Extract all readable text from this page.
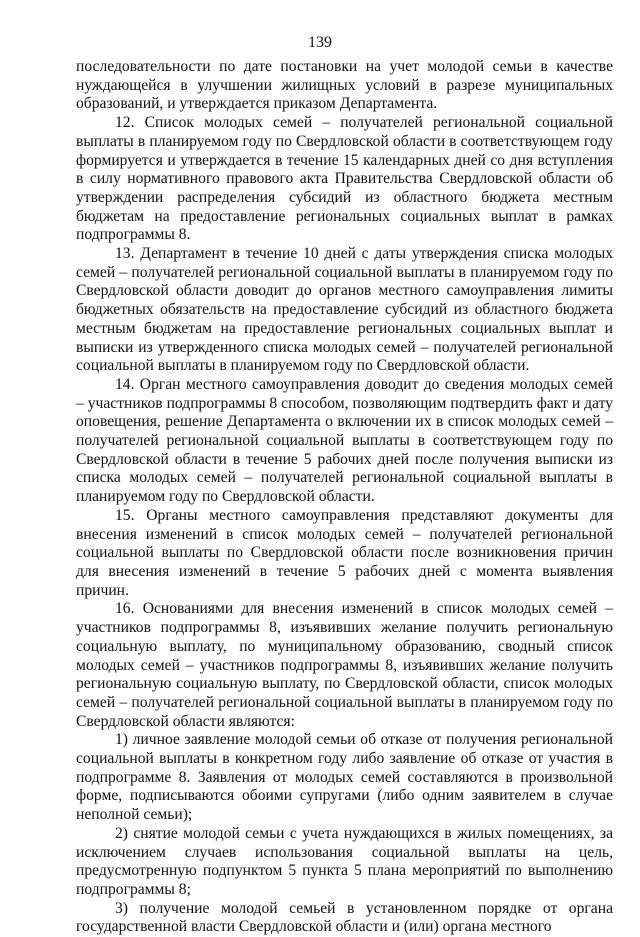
139

последовательности по дате постановки на учет молодой семьи в качестве нуждающейся в улучшении жилищных условий в разрезе муниципальных образований, и утверждается приказом Департамента.

12. Список молодых семей – получателей региональной социальной выплаты в планируемом году по Свердловской области в соответствующем году формируется и утверждается в течение 15 календарных дней со дня вступления в силу нормативного правового акта Правительства Свердловской области об утверждении распределения субсидий из областного бюджета местным бюджетам на предоставление региональных социальных выплат в рамках подпрограммы 8.

13. Департамент в течение 10 дней с даты утверждения списка молодых семей – получателей региональной социальной выплаты в планируемом году по Свердловской области доводит до органов местного самоуправления лимиты бюджетных обязательств на предоставление субсидий из областного бюджета местным бюджетам на предоставление региональных социальных выплат и выписки из утвержденного списка молодых семей – получателей региональной социальной выплаты в планируемом году по Свердловской области.

14. Орган местного самоуправления доводит до сведения молодых семей – участников подпрограммы 8 способом, позволяющим подтвердить факт и дату оповещения, решение Департамента о включении их в список молодых семей – получателей региональной социальной выплаты в соответствующем году по Свердловской области в течение 5 рабочих дней после получения выписки из списка молодых семей – получателей региональной социальной выплаты в планируемом году по Свердловской области.

15. Органы местного самоуправления представляют документы для внесения изменений в список молодых семей – получателей региональной социальной выплаты по Свердловской области после возникновения причин для внесения изменений в течение 5 рабочих дней с момента выявления причин.

16. Основаниями для внесения изменений в список молодых семей – участников подпрограммы 8, изъявивших желание получить региональную социальную выплату, по муниципальному образованию, сводный список молодых семей – участников подпрограммы 8, изъявивших желание получить региональную социальную выплату, по Свердловской области, список молодых семей – получателей региональной социальной выплаты в планируемом году по Свердловской области являются:

1) личное заявление молодой семьи об отказе от получения региональной социальной выплаты в конкретном году либо заявление об отказе от участия в подпрограмме 8. Заявления от молодых семей составляются в произвольной форме, подписываются обоими супругами (либо одним заявителем в случае неполной семьи);

2) снятие молодой семьи с учета нуждающихся в жилых помещениях, за исключением случаев использования социальной выплаты на цель, предусмотренную подпунктом 5 пункта 5 плана мероприятий по выполнению подпрограммы 8;

3) получение молодой семьей в установленном порядке от органа государственной власти Свердловской области и (или) органа местного
